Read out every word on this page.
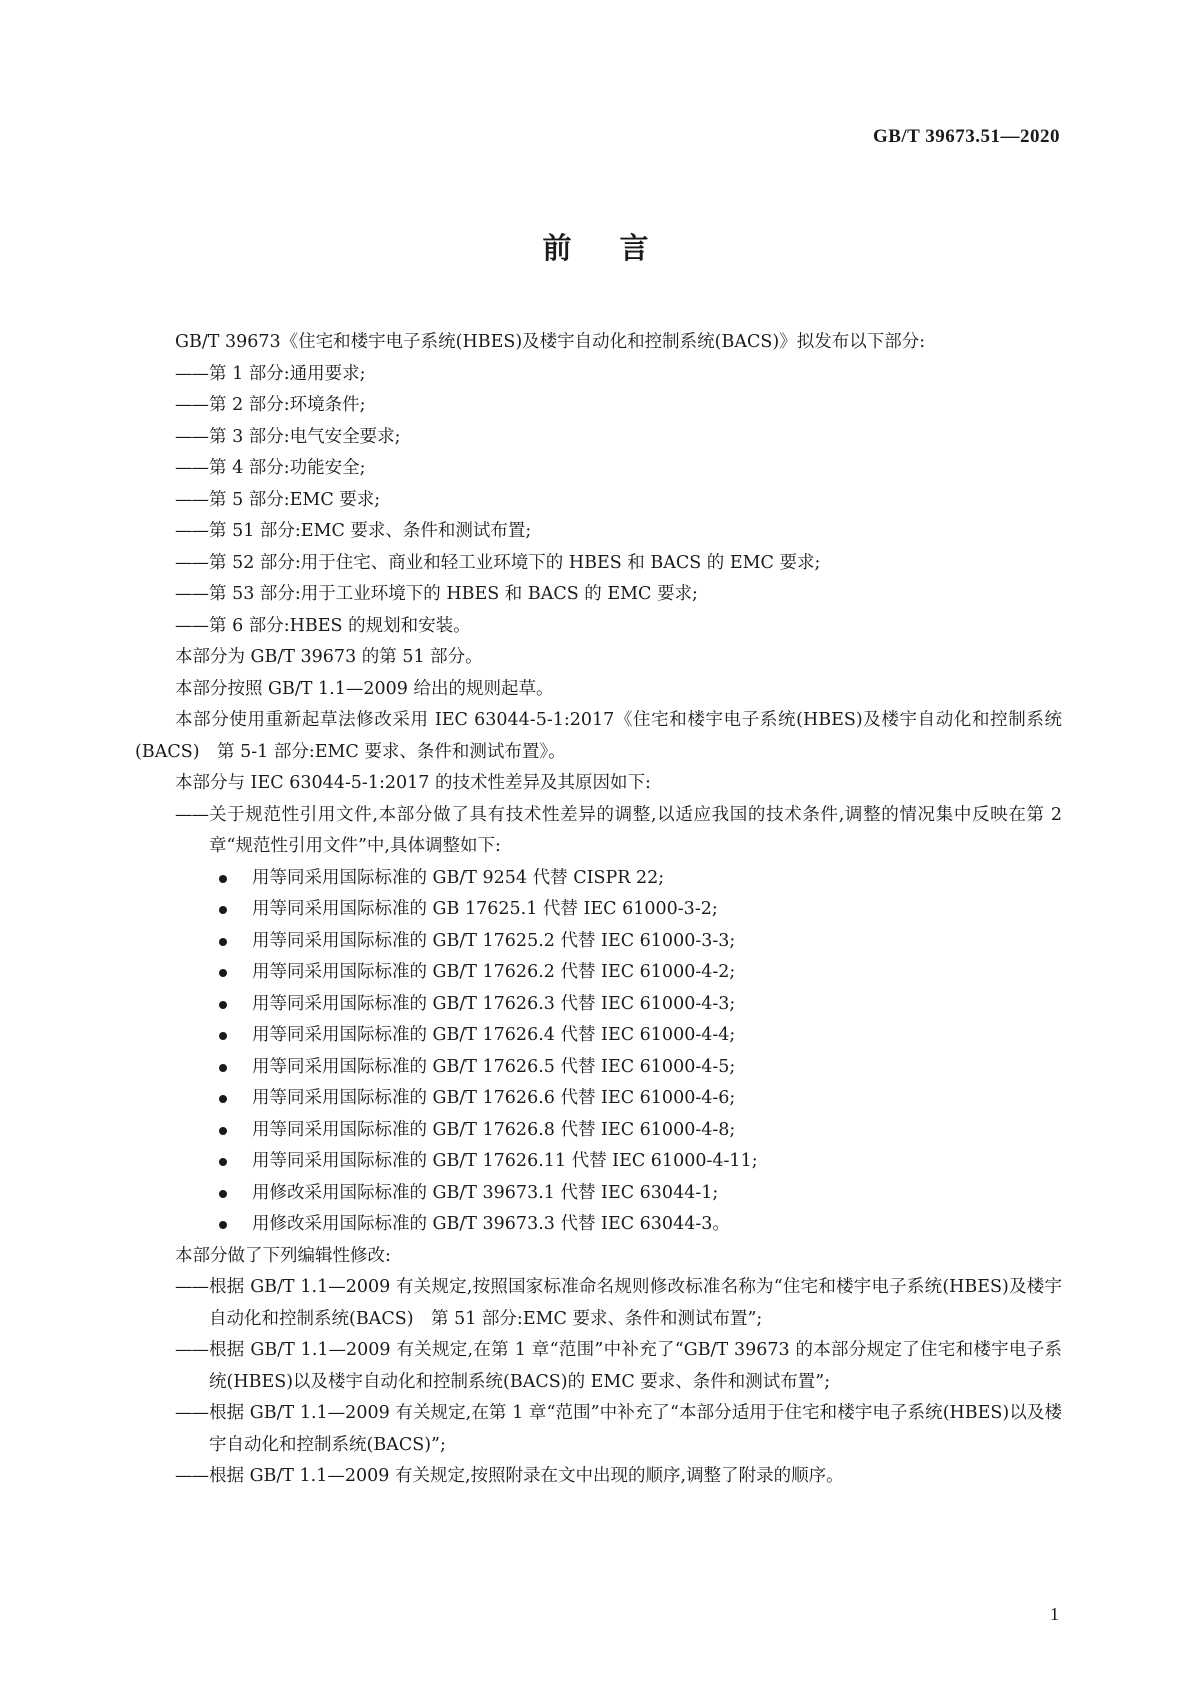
GB/T 39673.51—2020
前言

GB/T 39673《住宅和楼宇电子系统(HBES)及楼宇自动化和控制系统(BACS)》拟发布以下部分:

—— 第 1 部分:通用要求;

—— 第 2 部分:环境条件;

—— 第 3 部分:电气安全要求;

—— 第 4 部分:功能安全;

—— 第 5 部分:EMC 要求;

—— 第 51 部分:EMC 要求、条件和测试布置;

—— 第 52 部分:用于住宅、商业和轻工业环境下的 HBES 和 BACS 的 EMC 要求;

—— 第 53 部分:用于工业环境下的 HBES 和 BACS 的 EMC 要求;

—— 第 6 部分:HBES 的规划和安装。

本部分为 GB/T 39673 的第 51 部分。

本部分按照 GB/T 1.1—2009 给出的规则起草。

本部分使用重新起草法修改采用 IEC 63044-5-1:2017《住宅和楼宇电子系统(HBES)及楼宇自动化和控制系统(BACS)　第 5-1 部分:EMC 要求、条件和测试布置》。

本部分与 IEC 63044-5-1:2017 的技术性差异及其原因如下:

—— 关于规范性引用文件,本部分做了具有技术性差异的调整,以适应我国的技术条件,调整的情况集中反映在第 2 章“规范性引用文件”中,具体调整如下:

用等同采用国际标准的 GB/T 9254 代替 CISPR 22;

用等同采用国际标准的 GB 17625.1 代替 IEC 61000-3-2;

用等同采用国际标准的 GB/T 17625.2 代替 IEC 61000-3-3;

用等同采用国际标准的 GB/T 17626.2 代替 IEC 61000-4-2;

用等同采用国际标准的 GB/T 17626.3 代替 IEC 61000-4-3;

用等同采用国际标准的 GB/T 17626.4 代替 IEC 61000-4-4;

用等同采用国际标准的 GB/T 17626.5 代替 IEC 61000-4-5;

用等同采用国际标准的 GB/T 17626.6 代替 IEC 61000-4-6;

用等同采用国际标准的 GB/T 17626.8 代替 IEC 61000-4-8;

用等同采用国际标准的 GB/T 17626.11 代替 IEC 61000-4-11;

用修改采用国际标准的 GB/T 39673.1 代替 IEC 63044-1;

用修改采用国际标准的 GB/T 39673.3 代替 IEC 63044-3。

本部分做了下列编辑性修改:

—— 根据 GB/T 1.1—2009 有关规定,按照国家标准命名规则修改标准名称为“住宅和楼宇电子系统(HBES)及楼宇自动化和控制系统(BACS)　第 51 部分:EMC 要求、条件和测试布置”;

—— 根据 GB/T 1.1—2009 有关规定,在第 1 章“范围”中补充了“GB/T 39673 的本部分规定了住宅和楼宇电子系统(HBES)以及楼宇自动化和控制系统(BACS)的 EMC 要求、条件和测试布置”;

—— 根据 GB/T 1.1—2009 有关规定,在第 1 章“范围”中补充了“本部分适用于住宅和楼宇电子系统(HBES)以及楼宇自动化和控制系统(BACS)”;

—— 根据 GB/T 1.1—2009 有关规定,按照附录在文中出现的顺序,调整了附录的顺序。

1
